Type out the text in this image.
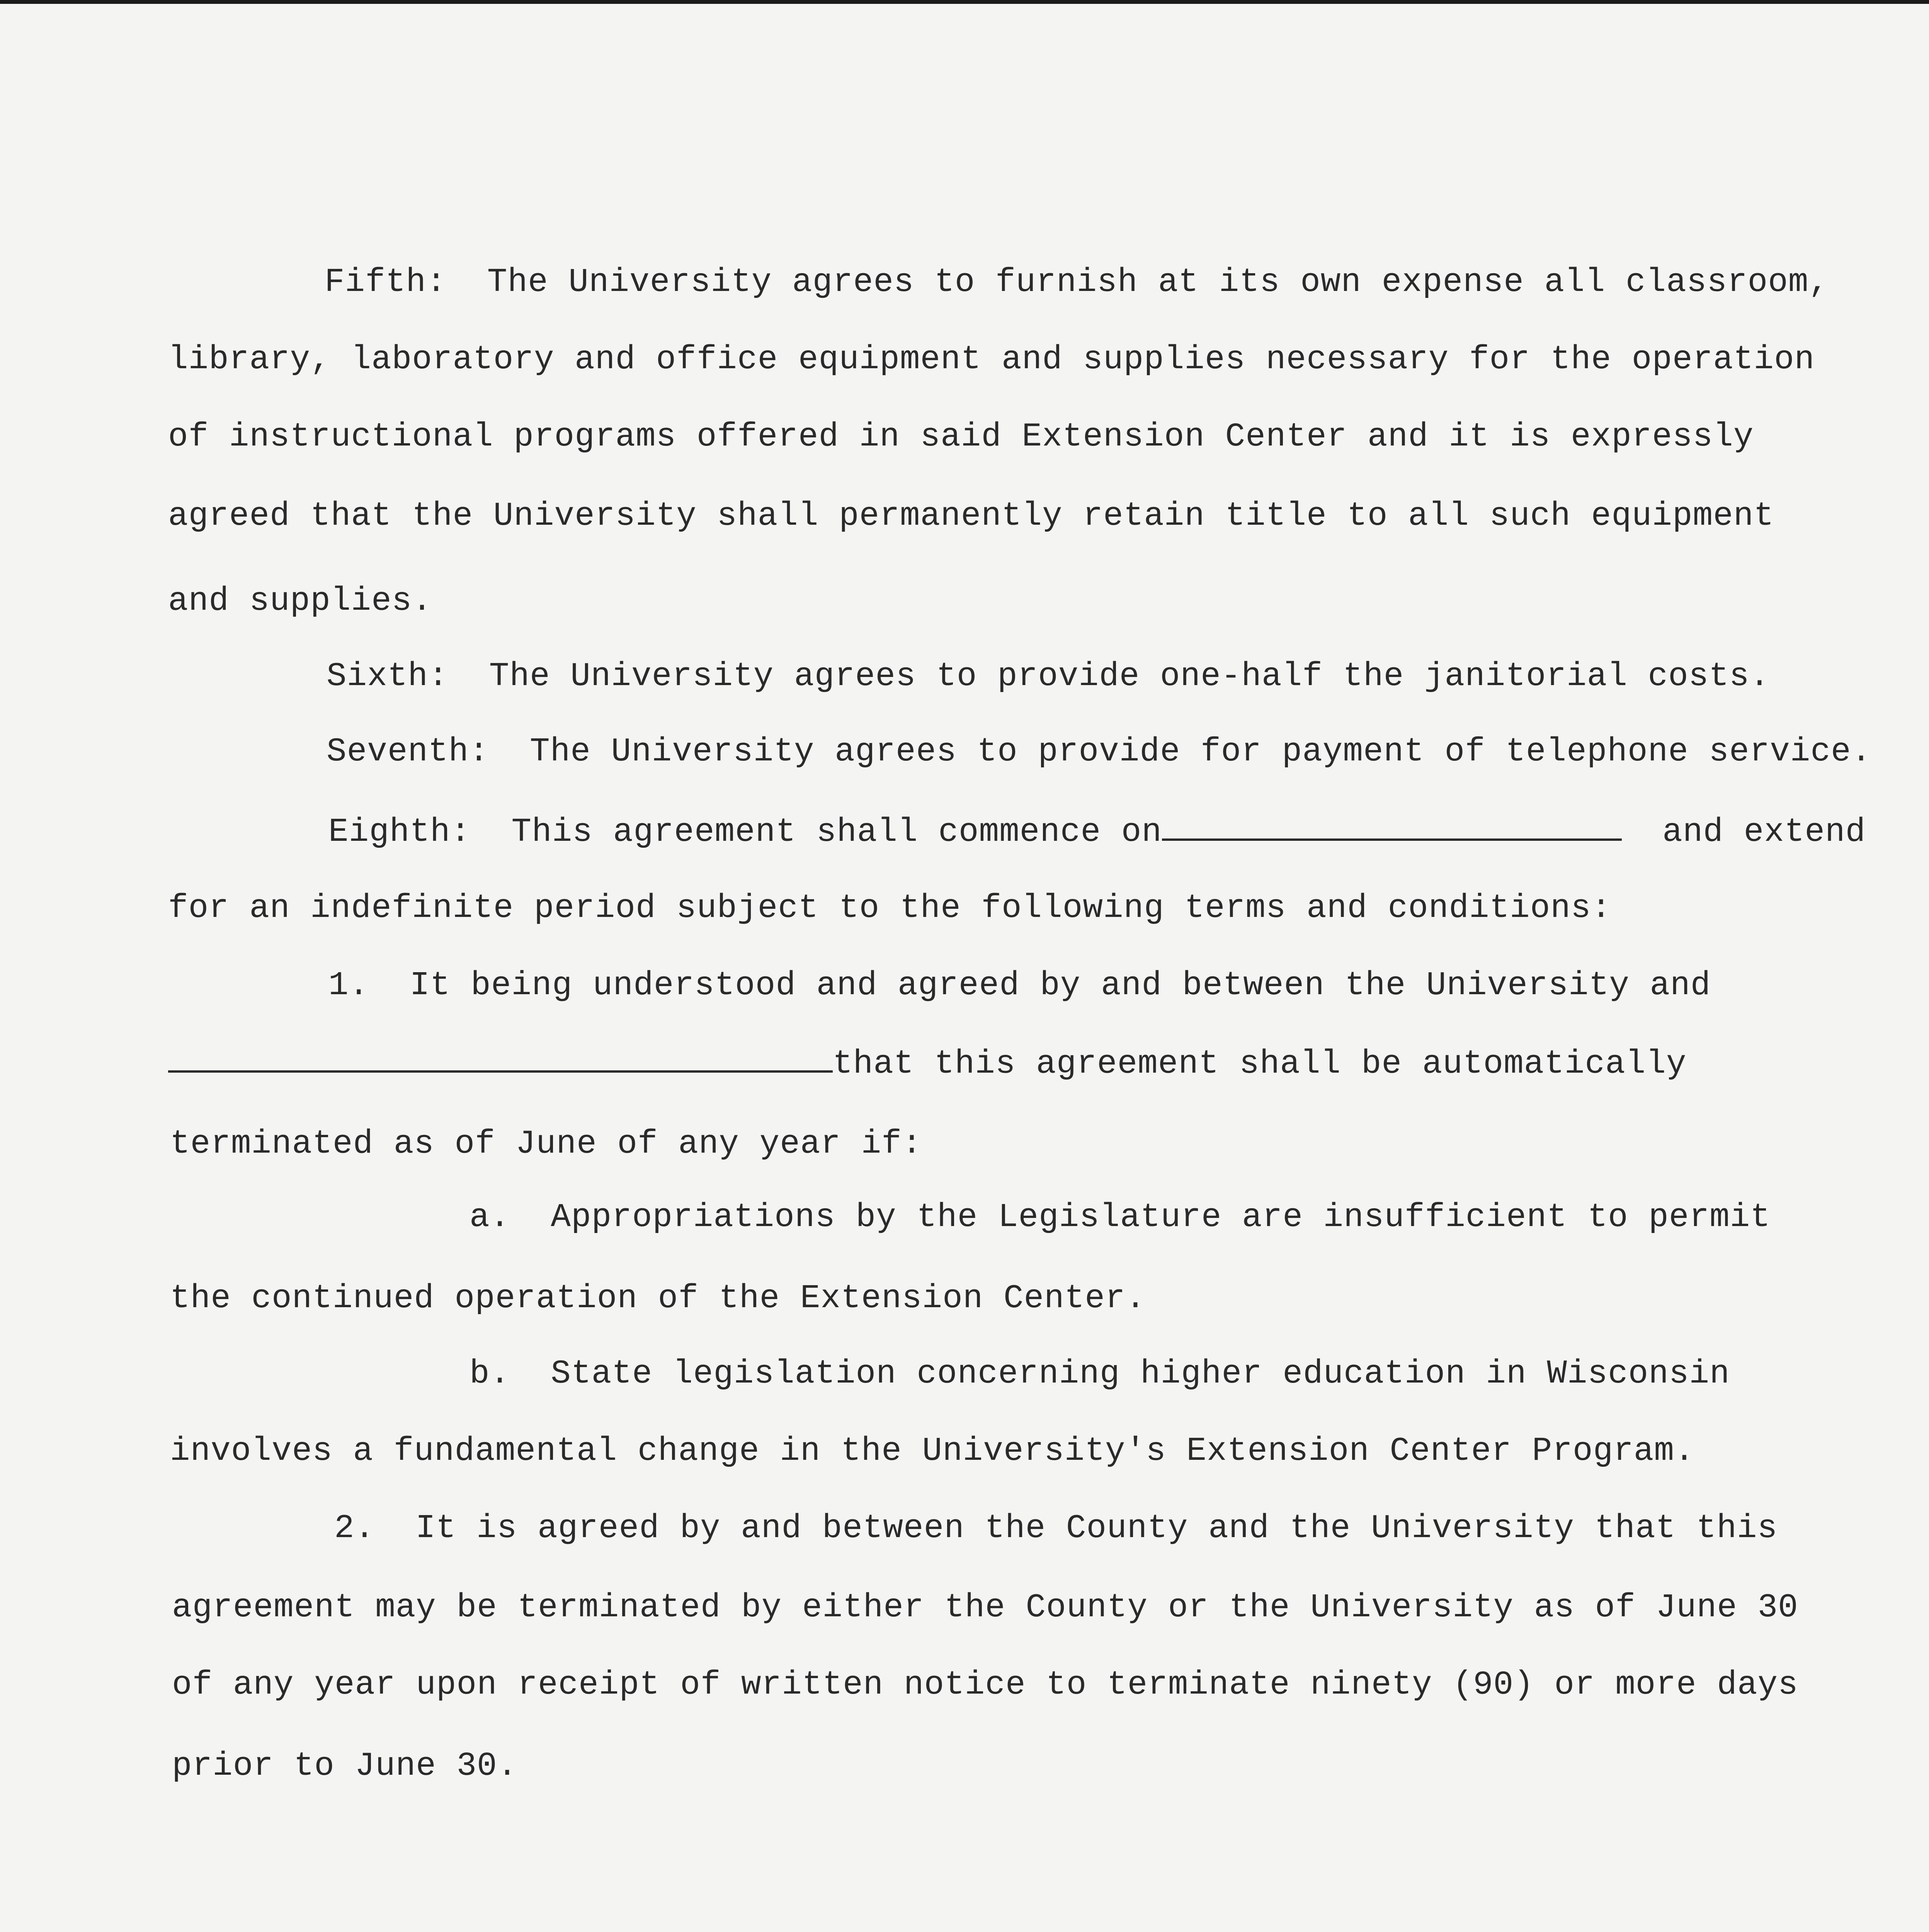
Fifth:  The University agrees to furnish at its own expense all classroom,
library, laboratory and office equipment and supplies necessary for the operation
of instructional programs offered in said Extension Center and it is expressly
agreed that the University shall permanently retain title to all such equipment
and supplies.
Sixth:  The University agrees to provide one-half the janitorial costs.
Seventh:  The University agrees to provide for payment of telephone service.
Eighth:  This agreement shall commence on	and extend
for an indefinite period subject to the following terms and conditions:
1.  It being understood and agreed by and between the University and
that this agreement shall be automatically
terminated as of June of any year if:
a.  Appropriations by the Legislature are insufficient to permit
the continued operation of the Extension Center.
b.  State legislation concerning higher education in Wisconsin
involves a fundamental change in the University's Extension Center Program.
2.  It is agreed by and between the County and the University that this
agreement may be terminated by either the County or the University as of June 30
of any year upon receipt of written notice to terminate ninety (90) or more days
prior to June 30.
